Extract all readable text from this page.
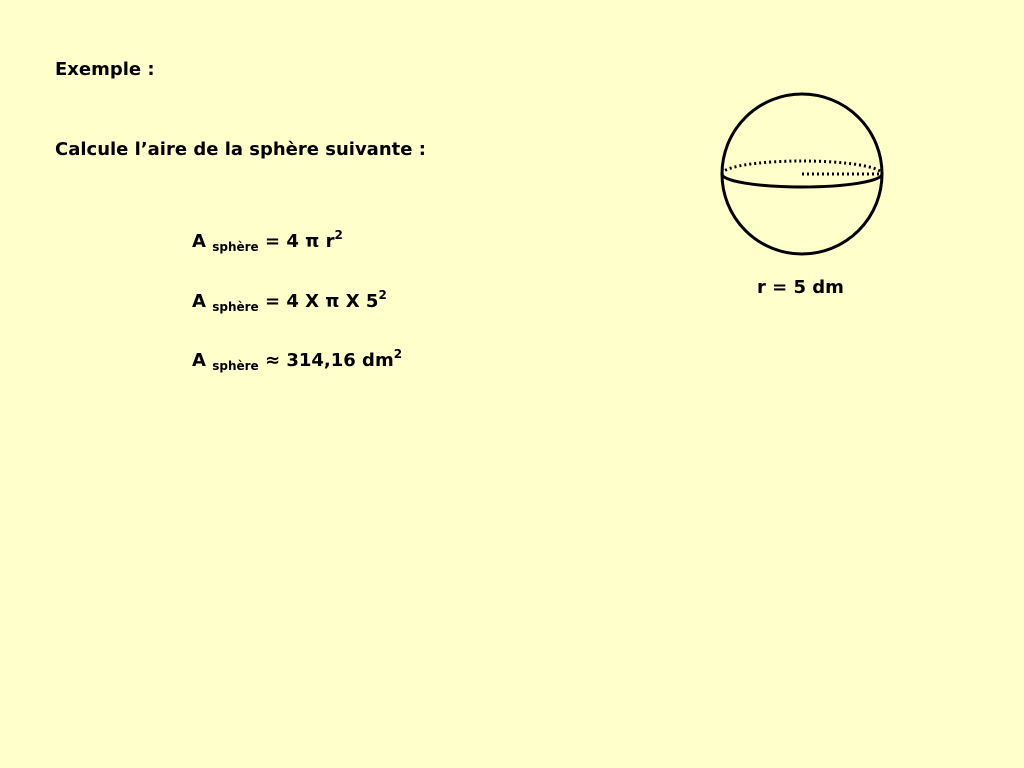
Exemple :
Calcule l’aire de la sphère suivante :
A $_{sphère}$ = 4 π $r^2$
A $_{sphère}$ = 4 X π X $5^2$
A $_{sphère}$ ≈ 314,16 $dm^2$
r = 5 dm
